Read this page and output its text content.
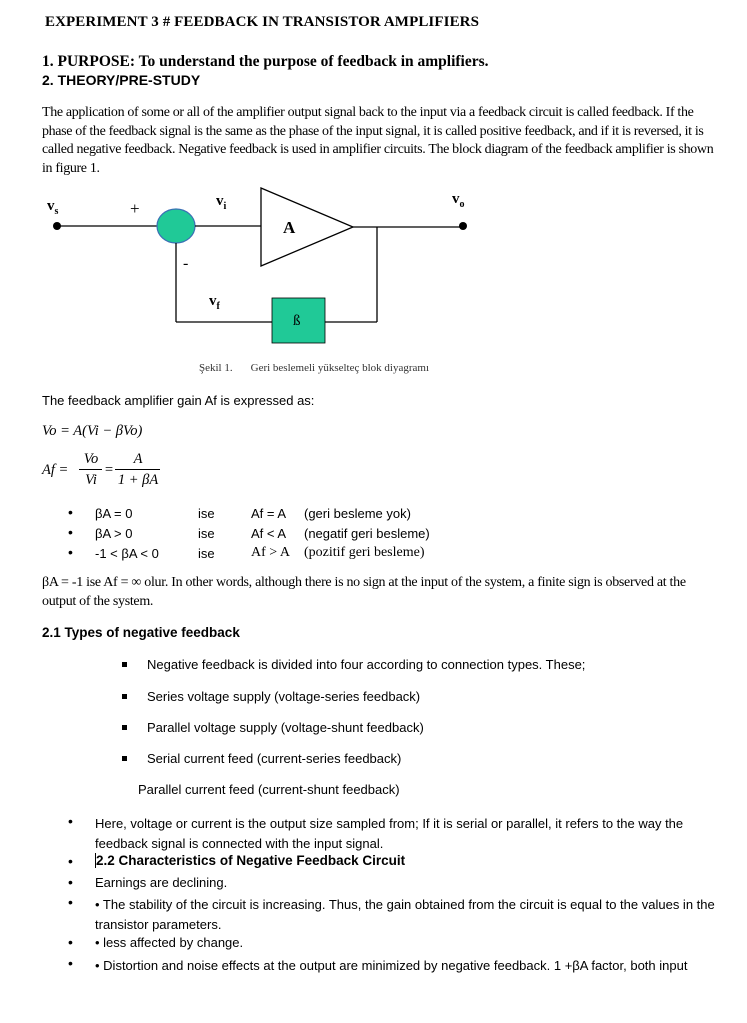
EXPERIMENT 3 # FEEDBACK IN TRANSISTOR AMPLIFIERS
1. PURPOSE: To understand the purpose of feedback in amplifiers.
2. THEORY/PRE-STUDY
The application of some or all of the amplifier output signal back to the input via a feedback circuit is called feedback. If the phase of the feedback signal is the same as the phase of the input signal, it is called positive feedback, and if it is reversed, it is called negative feedback. Negative feedback is used in amplifier circuits. The block diagram of the feedback amplifier is shown in figure 1.
$v_s$	+
-
$v_i$	$v_o$
$v_f$
A
ß
Şekil 1. Geri beslemeli yükselteç blok diyagramı
The feedback amplifier gain Af is expressed as:
Vo = A(Vi − βVo)
Af =
Vo
Vi
=
A
1 + βA
• βA = 0	ise	Af = A (geri besleme yok)
• βA > 0	ise	Af < A (negatif geri besleme)
• -1 < βA < 0	ise	Af > A (pozitif geri besleme)
βA = -1 ise Af = ∞ olur. In other words, although there is no sign at the input of the system, a finite sign is observed at the output of the system.
2.1 Types of negative feedback
Negative feedback is divided into four according to connection types. These;
Series voltage supply (voltage-series feedback)
Parallel voltage supply (voltage-shunt feedback)
Serial current feed (current-series feedback)
Parallel current feed (current-shunt feedback)
• Here, voltage or current is the output size sampled from; If it is serial or parallel, it refers to the way the feedback signal is connected with the input signal.
• 2.2 Characteristics of Negative Feedback Circuit
• Earnings are declining.
• • The stability of the circuit is increasing. Thus, the gain obtained from the circuit is equal to the values in the transistor parameters.
• • less affected by change.
• • Distortion and noise effects at the output are minimized by negative feedback. 1 +βA factor, both input
